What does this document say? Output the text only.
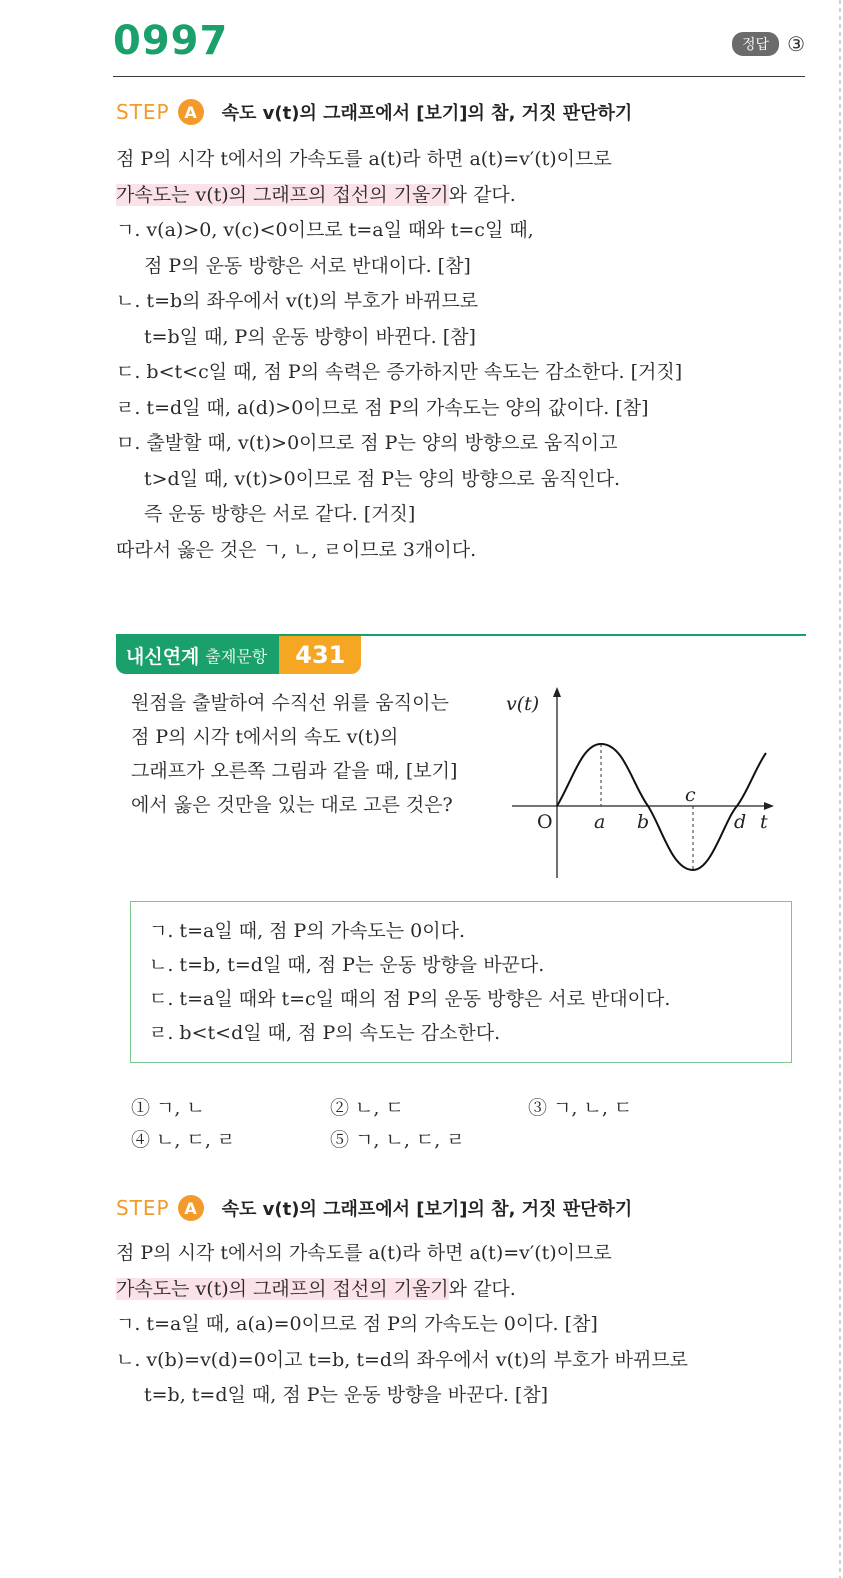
0997	정답 ③
STEP A	속도 v(t)의 그래프에서 [보기]의 참, 거짓 판단하기
점 P의 시각 t에서의 가속도를 a(t)라 하면 a(t)=v′(t)이므로
가속도는 v(t)의 그래프의 접선의 기울기와 같다.
ㄱ. v(a)>0, v(c)<0이므로 t=a일 때와 t=c일 때,
점 P의 운동 방향은 서로 반대이다. [참]
ㄴ. t=b의 좌우에서 v(t)의 부호가 바뀌므로
t=b일 때, P의 운동 방향이 바뀐다. [참]
ㄷ. b<t<c일 때, 점 P의 속력은 증가하지만 속도는 감소한다. [거짓]
ㄹ. t=d일 때, a(d)>0이므로 점 P의 가속도는 양의 값이다. [참]
ㅁ. 출발할 때, v(t)>0이므로 점 P는 양의 방향으로 움직이고
t>d일 때, v(t)>0이므로 점 P는 양의 방향으로 움직인다.
즉 운동 방향은 서로 같다. [거짓]
따라서 옳은 것은 ㄱ, ㄴ, ㄹ이므로 3개이다.
내신연계 출제문항	431
원점을 출발하여 수직선 위를 움직이는
점 P의 시각 t에서의 속도 v(t)의
그래프가 오른쪽 그림과 같을 때, [보기]
에서 옳은 것만을 있는 대로 고른 것은?
v(t)
t
a b
c
d
O
ㄱ. t=a일 때, 점 P의 가속도는 0이다.
ㄴ. t=b, t=d일 때, 점 P는 운동 방향을 바꾼다.
ㄷ. t=a일 때와 t=c일 때의 점 P의 운동 방향은 서로 반대이다.
ㄹ. b<t<d일 때, 점 P의 속도는 감소한다.
① ㄱ, ㄴ	② ㄴ, ㄷ	③ ㄱ, ㄴ, ㄷ
④ ㄴ, ㄷ, ㄹ	⑤ ㄱ, ㄴ, ㄷ, ㄹ
STEP A	속도 v(t)의 그래프에서 [보기]의 참, 거짓 판단하기
점 P의 시각 t에서의 가속도를 a(t)라 하면 a(t)=v′(t)이므로
가속도는 v(t)의 그래프의 접선의 기울기와 같다.
ㄱ. t=a일 때, a(a)=0이므로 점 P의 가속도는 0이다. [참]
ㄴ. v(b)=v(d)=0이고 t=b, t=d의 좌우에서 v(t)의 부호가 바뀌므로
t=b, t=d일 때, 점 P는 운동 방향을 바꾼다. [참]
